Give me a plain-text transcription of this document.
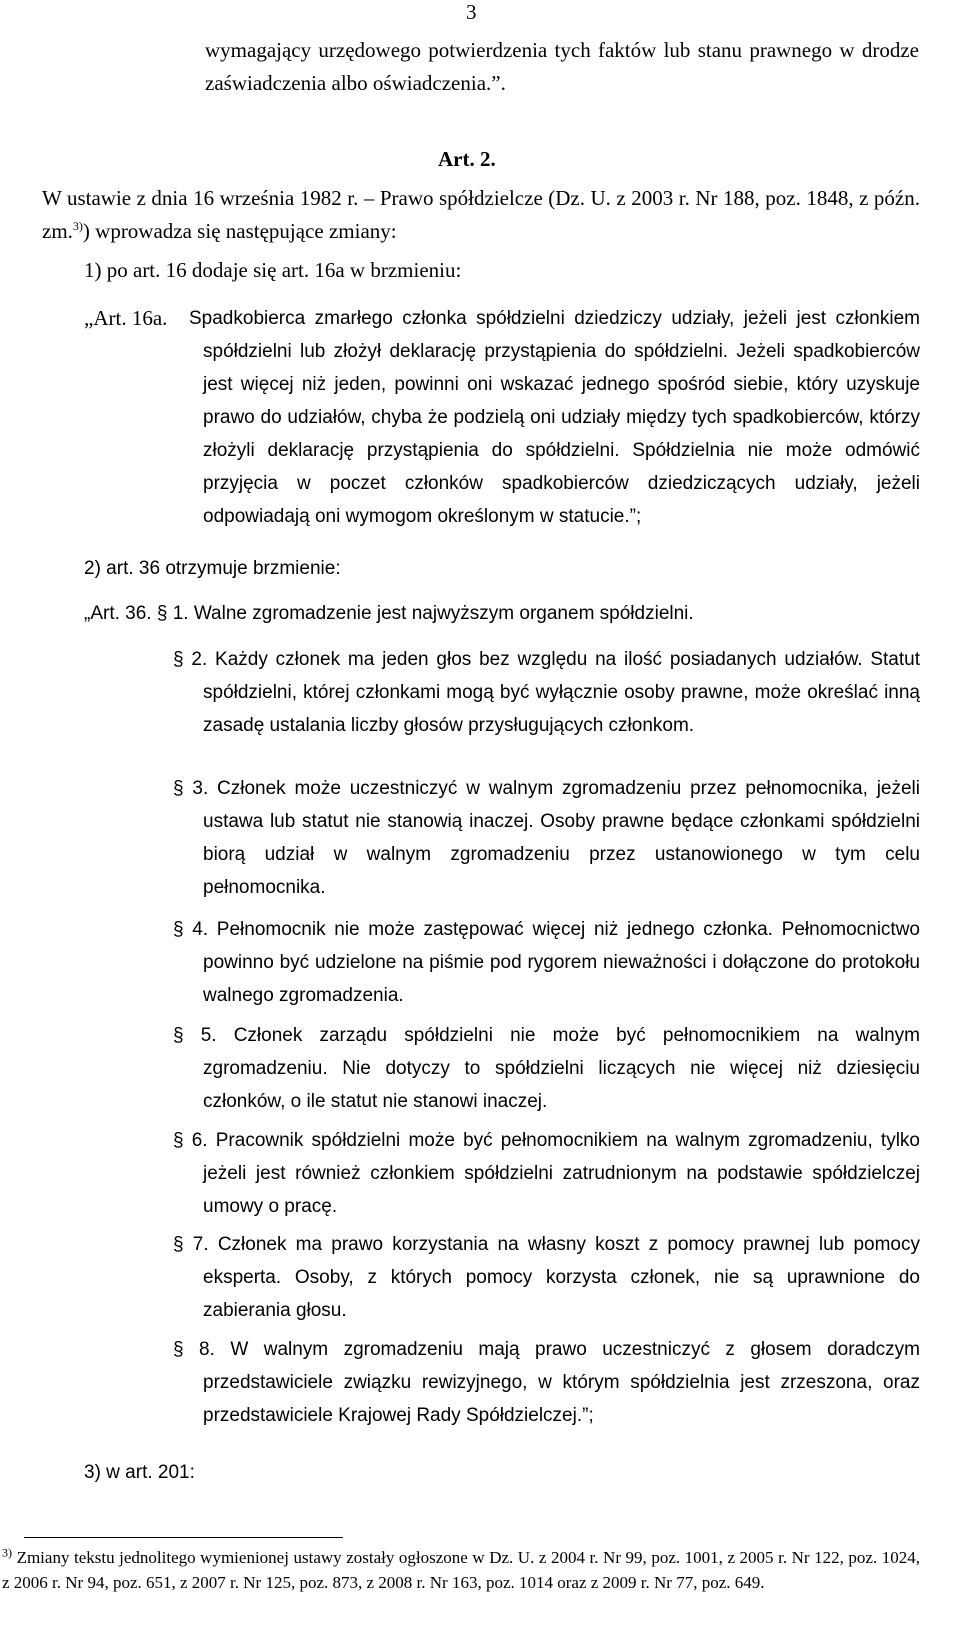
3

wymagający urzędowego potwierdzenia tych faktów lub stanu prawnego w drodze zaświadczenia albo oświadczenia.”.

Art. 2.

W ustawie z dnia 16 września 1982 r. – Prawo spółdzielcze (Dz. U. z 2003 r. Nr 188, poz. 1848, z późn. zm.$^{3)}$) wprowadza się następujące zmiany:

1) po art. 16 dodaje się art. 16a w brzmieniu:
„Art. 16a. Spadkobierca zmarłego członka spółdzielni dziedziczy udziały, jeżeli jest członkiem spółdzielni lub złożył deklarację przystąpienia do spółdzielni. Jeżeli spadkobierców jest więcej niż jeden, powinni oni wskazać jednego spośród siebie, który uzyskuje prawo do udziałów, chyba że podzielą oni udziały między tych spadkobierców, którzy złożyli deklarację przystąpienia do spółdzielni. Spółdzielnia nie może odmówić przyjęcia w poczet członków spadkobierców dziedziczących udziały, jeżeli odpowiadają oni wymogom określonym w statucie.”;

2) art. 36 otrzymuje brzmienie:
„Art. 36. § 1. Walne zgromadzenie jest najwyższym organem spółdzielni.

§ 2. Każdy członek ma jeden głos bez względu na ilość posiadanych udziałów. Statut spółdzielni, której członkami mogą być wyłącznie osoby prawne, może określać inną zasadę ustalania liczby głosów przysługujących członkom.

§ 3. Członek może uczestniczyć w walnym zgromadzeniu przez pełnomocnika, jeżeli ustawa lub statut nie stanowią inaczej. Osoby prawne będące członkami spółdzielni biorą udział w walnym zgromadzeniu przez ustanowionego w tym celu pełnomocnika.

§ 4. Pełnomocnik nie może zastępować więcej niż jednego członka. Pełnomocnictwo powinno być udzielone na piśmie pod rygorem nieważności i dołączone do protokołu walnego zgromadzenia.

§ 5. Członek zarządu spółdzielni nie może być pełnomocnikiem na walnym zgromadzeniu. Nie dotyczy to spółdzielni liczących nie więcej niż dziesięciu członków, o ile statut nie stanowi inaczej.

§ 6. Pracownik spółdzielni może być pełnomocnikiem na walnym zgromadzeniu, tylko jeżeli jest również członkiem spółdzielni zatrudnionym na podstawie spółdzielczej umowy o pracę.

§ 7. Członek ma prawo korzystania na własny koszt z pomocy prawnej lub pomocy eksperta. Osoby, z których pomocy korzysta członek, nie są uprawnione do zabierania głosu.

§ 8. W walnym zgromadzeniu mają prawo uczestniczyć z głosem doradczym przedstawiciele związku rewizyjnego, w którym spółdzielnia jest zrzeszona, oraz przedstawiciele Krajowej Rady Spółdzielczej.”;

3) w art. 201:

$^{3)}$ Zmiany tekstu jednolitego wymienionej ustawy zostały ogłoszone w Dz. U. z 2004 r. Nr 99, poz. 1001, z 2005 r. Nr 122, poz. 1024, z 2006 r. Nr 94, poz. 651, z 2007 r. Nr 125, poz. 873, z 2008 r. Nr 163, poz. 1014 oraz z 2009 r. Nr 77, poz. 649.
